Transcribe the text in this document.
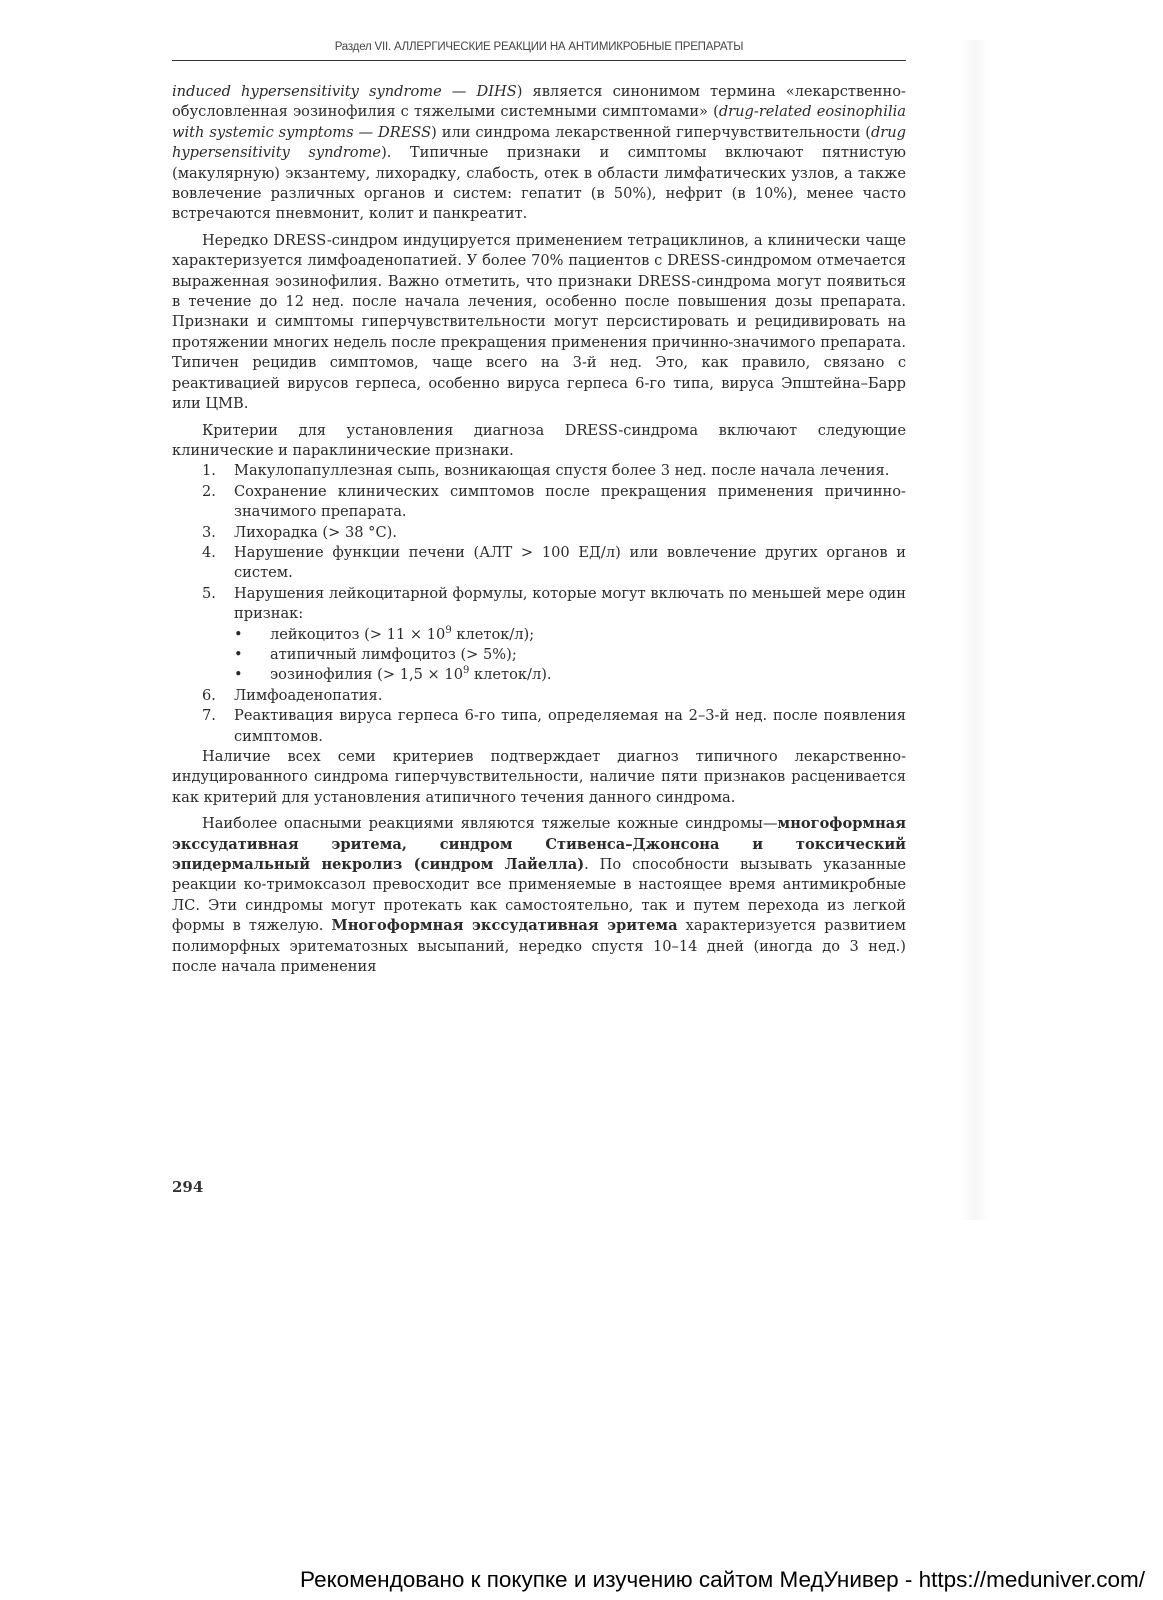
Раздел VII. АЛЛЕРГИЧЕСКИЕ РЕАКЦИИ НА АНТИМИКРОБНЫЕ ПРЕПАРАТЫ

induced hypersensitivity syndrome — DIHS) является синонимом термина «лекарственно-обусловленная эозинофилия с тяжелыми системными симптомами» (drug-related eosinophilia with systemic symptoms — DRESS) или синдрома лекарственной гиперчувствительности (drug hypersensitivity syndrome). Типичные признаки и симптомы включают пятнистую (макулярную) экзантему, лихорадку, слабость, отек в области лимфатических узлов, а также вовлечение различных органов и систем: гепатит (в 50%), нефрит (в 10%), менее часто встречаются пневмонит, колит и панкреатит.

Нередко DRESS-синдром индуцируется применением тетрациклинов, а клинически чаще характеризуется лимфоаденопатией. У более 70% пациентов с DRESS-синдромом отмечается выраженная эозинофилия. Важно отметить, что признаки DRESS-синдрома могут появиться в течение до 12 нед. после начала лечения, особенно после повышения дозы препарата. Признаки и симптомы гиперчувствительности могут персистировать и рецидивировать на протяжении многих недель после прекращения применения причинно-значимого препарата. Типичен рецидив симптомов, чаще всего на 3-й нед. Это, как правило, связано с реактивацией вирусов герпеса, особенно вируса герпеса 6-го типа, вируса Эпштейна–Барр или ЦМВ.

Критерии для установления диагноза DRESS-синдрома включают следующие клинические и параклинические признаки.

1. Макулопапуллезная сыпь, возникающая спустя более 3 нед. после начала лечения.
2. Сохранение клинических симптомов после прекращения применения причинно-значимого препарата.
3. Лихорадка (> 38 °C).
4. Нарушение функции печени (АЛТ > 100 ЕД/л) или вовлечение других органов и систем.
5. Нарушения лейкоцитарной формулы, которые могут включать по меньшей мере один признак:
• лейкоцитоз (> $11 \times 10^9$ клеток/л);
• атипичный лимфоцитоз (> 5%);
• эозинофилия (> $1,5 \times 10^9$ клеток/л).
6. Лимфоаденопатия.
7. Реактивация вируса герпеса 6-го типа, определяемая на 2–3-й нед. после появления симптомов.

Наличие всех семи критериев подтверждает диагноз типичного лекарственно-индуцированного синдрома гиперчувствительности, наличие пяти признаков расценивается как критерий для установления атипичного течения данного синдрома.

Наиболее опасными реакциями являются тяжелые кожные синдромы—многоформная экссудативная эритема, синдром Стивенса–Джонсона и токсический эпидермальный некролиз (синдром Лайелла). По способности вызывать указанные реакции ко-тримоксазол превосходит все применяемые в настоящее время антимикробные ЛС. Эти синдромы могут протекать как самостоятельно, так и путем перехода из легкой формы в тяжелую. Многоформная экссудативная эритема характеризуется развитием полиморфных эритематозных высыпаний, нередко спустя 10–14 дней (иногда до 3 нед.) после начала применения

294
Рекомендовано к покупке и изучению сайтом МедУнивер - https://meduniver.com/
